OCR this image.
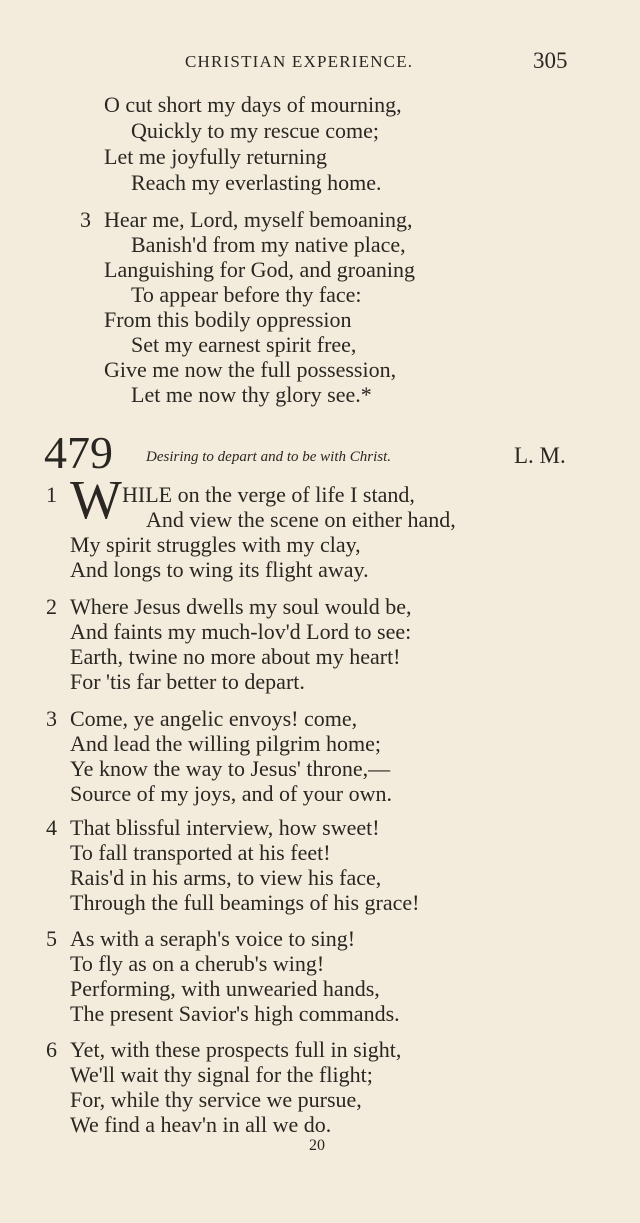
CHRISTIAN EXPERIENCE.	305
O cut short my days of mourning,
Quickly to my rescue come;
Let me joyfully returning
Reach my everlasting home.
3 Hear me, Lord, myself bemoaning,
Banish'd from my native place,
Languishing for God, and groaning
To appear before thy face:
From this bodily oppression
Set my earnest spirit free,
Give me now the full possession,
Let me now thy glory see.*
479 Desiring to depart and to be with Christ.	L. M.
1 W HILE on the verge of life I stand,
And view the scene on either hand,
My spirit struggles with my clay,
And longs to wing its flight away.
2 Where Jesus dwells my soul would be,
And faints my much-lov'd Lord to see:
Earth, twine no more about my heart!
For 'tis far better to depart.
3 Come, ye angelic envoys! come,
And lead the willing pilgrim home;
Ye know the way to Jesus' throne,—
Source of my joys, and of your own.
4 That blissful interview, how sweet!
To fall transported at his feet!
Rais'd in his arms, to view his face,
Through the full beamings of his grace!
5 As with a seraph's voice to sing!
To fly as on a cherub's wing!
Performing, with unwearied hands,
The present Savior's high commands.
6 Yet, with these prospects full in sight,
We'll wait thy signal for the flight;
For, while thy service we pursue,
We find a heav'n in all we do.
20
